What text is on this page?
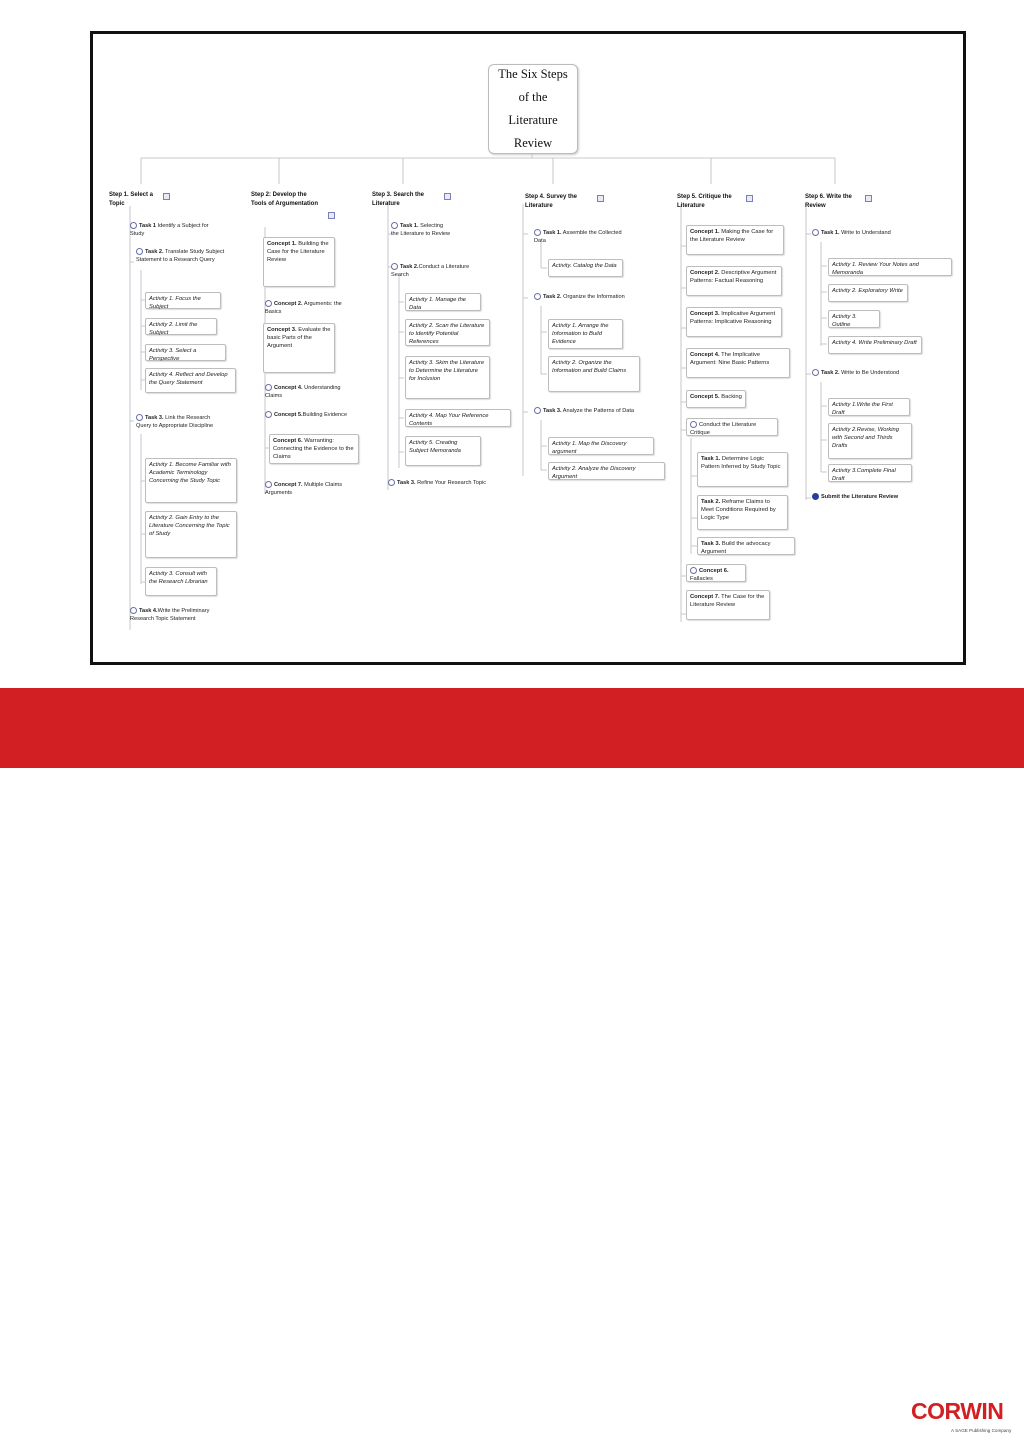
The Six Steps
of the
Literature Review
Step 1. Select a Topic
Task 1 Identify a Subject for Study
Task 2. Translate Study Subject Statement to a Research Query
Activity 1. Focus the Subject
Activity 2. Limit the Subject
Activity 3. Select a Perspective
Activity 4. Reflect and Develop the Query Statement
Task 3. Link the Research Query to Appropriate Discipline
Activity 1. Become Familiar with Academic Terminology Concerning the Study Topic
Activity 2. Gain Entry to the Literature Concerning the Topic of Study
Activity 3. Consult with the Research Librarian
Task 4.Write the Preliminary Research Topic Statement
Step 2: Develop the Tools of Argumentation
Concept 1. Building the Case for the Literature Review
Concept 2. Arguments: the Basics
Concept 3. Evaluate the basic Parts of the Argument
Concept 4. Understanding Claims
Concept 5.Building Evidence
Concept 6. Warranting: Connecting the Evidence to the Claims
Concept 7. Multiple Claims Arguments
Step 3. Search the Literature
Task 1. Selecting the Literature to Review
Task 2.Conduct a Literature Search
Activity 1. Manage the Data
Activity 2. Scan the Literature to Identify Potential References
Activity 3. Skim the Literature to Determine the Literature for Inclusion
Activity 4. Map Your Reference Contents
Activity 5. Creating Subject Memoranda
Task 3. Refine Your Research Topic
Step 4. Survey the Literature
Task 1. Assemble the Collected Data
Activity. Catalog the Data
Task 2. Organize the Information
Activity 1. Arrange the Information to Build Evidence
Activity 2. Organize the Information and Build Claims
Task 3. Analyze the Patterns of Data
Activity 1. Map the Discovery argument
Activity 2. Analyze the Discovery Argument
Step 5. Critique the Literature
Concept 1. Making the Case for the Literature Review
Concept 2. Descriptive Argument Patterns: Factual Reasoning
Concept 3. Implicative Argument Patterns: Implicative Reasoning
Concept 4. The Implicative Argument: Nine Basic Patterns
Concept 5. Backing
Conduct the Literature Critique
Task 1. Determine Logic Pattern Inferred by Study Topic
Task 2. Reframe Claims to Meet Conditions Required by Logic Type
Task 3. Build the advocacy Argument
Concept 6. Fallacies
Concept 7. The Case for the Literature Review
Step 6. Write the Review
Task 1. Write to Understand
Activity 1. Review Your Notes and Memoranda
Activity 2. Exploratory Write
Activity 3. Outline
Activity 4. Write Preliminary Draft
Task 2. Write to Be Understood
Activity 1.Write the First Draft
Activity 2.Revise, Working with Second and Thirds Drafts
Activity 3.Complete Final Draft
Submit the Literature Review
CORWIN
A SAGE Publishing Company
